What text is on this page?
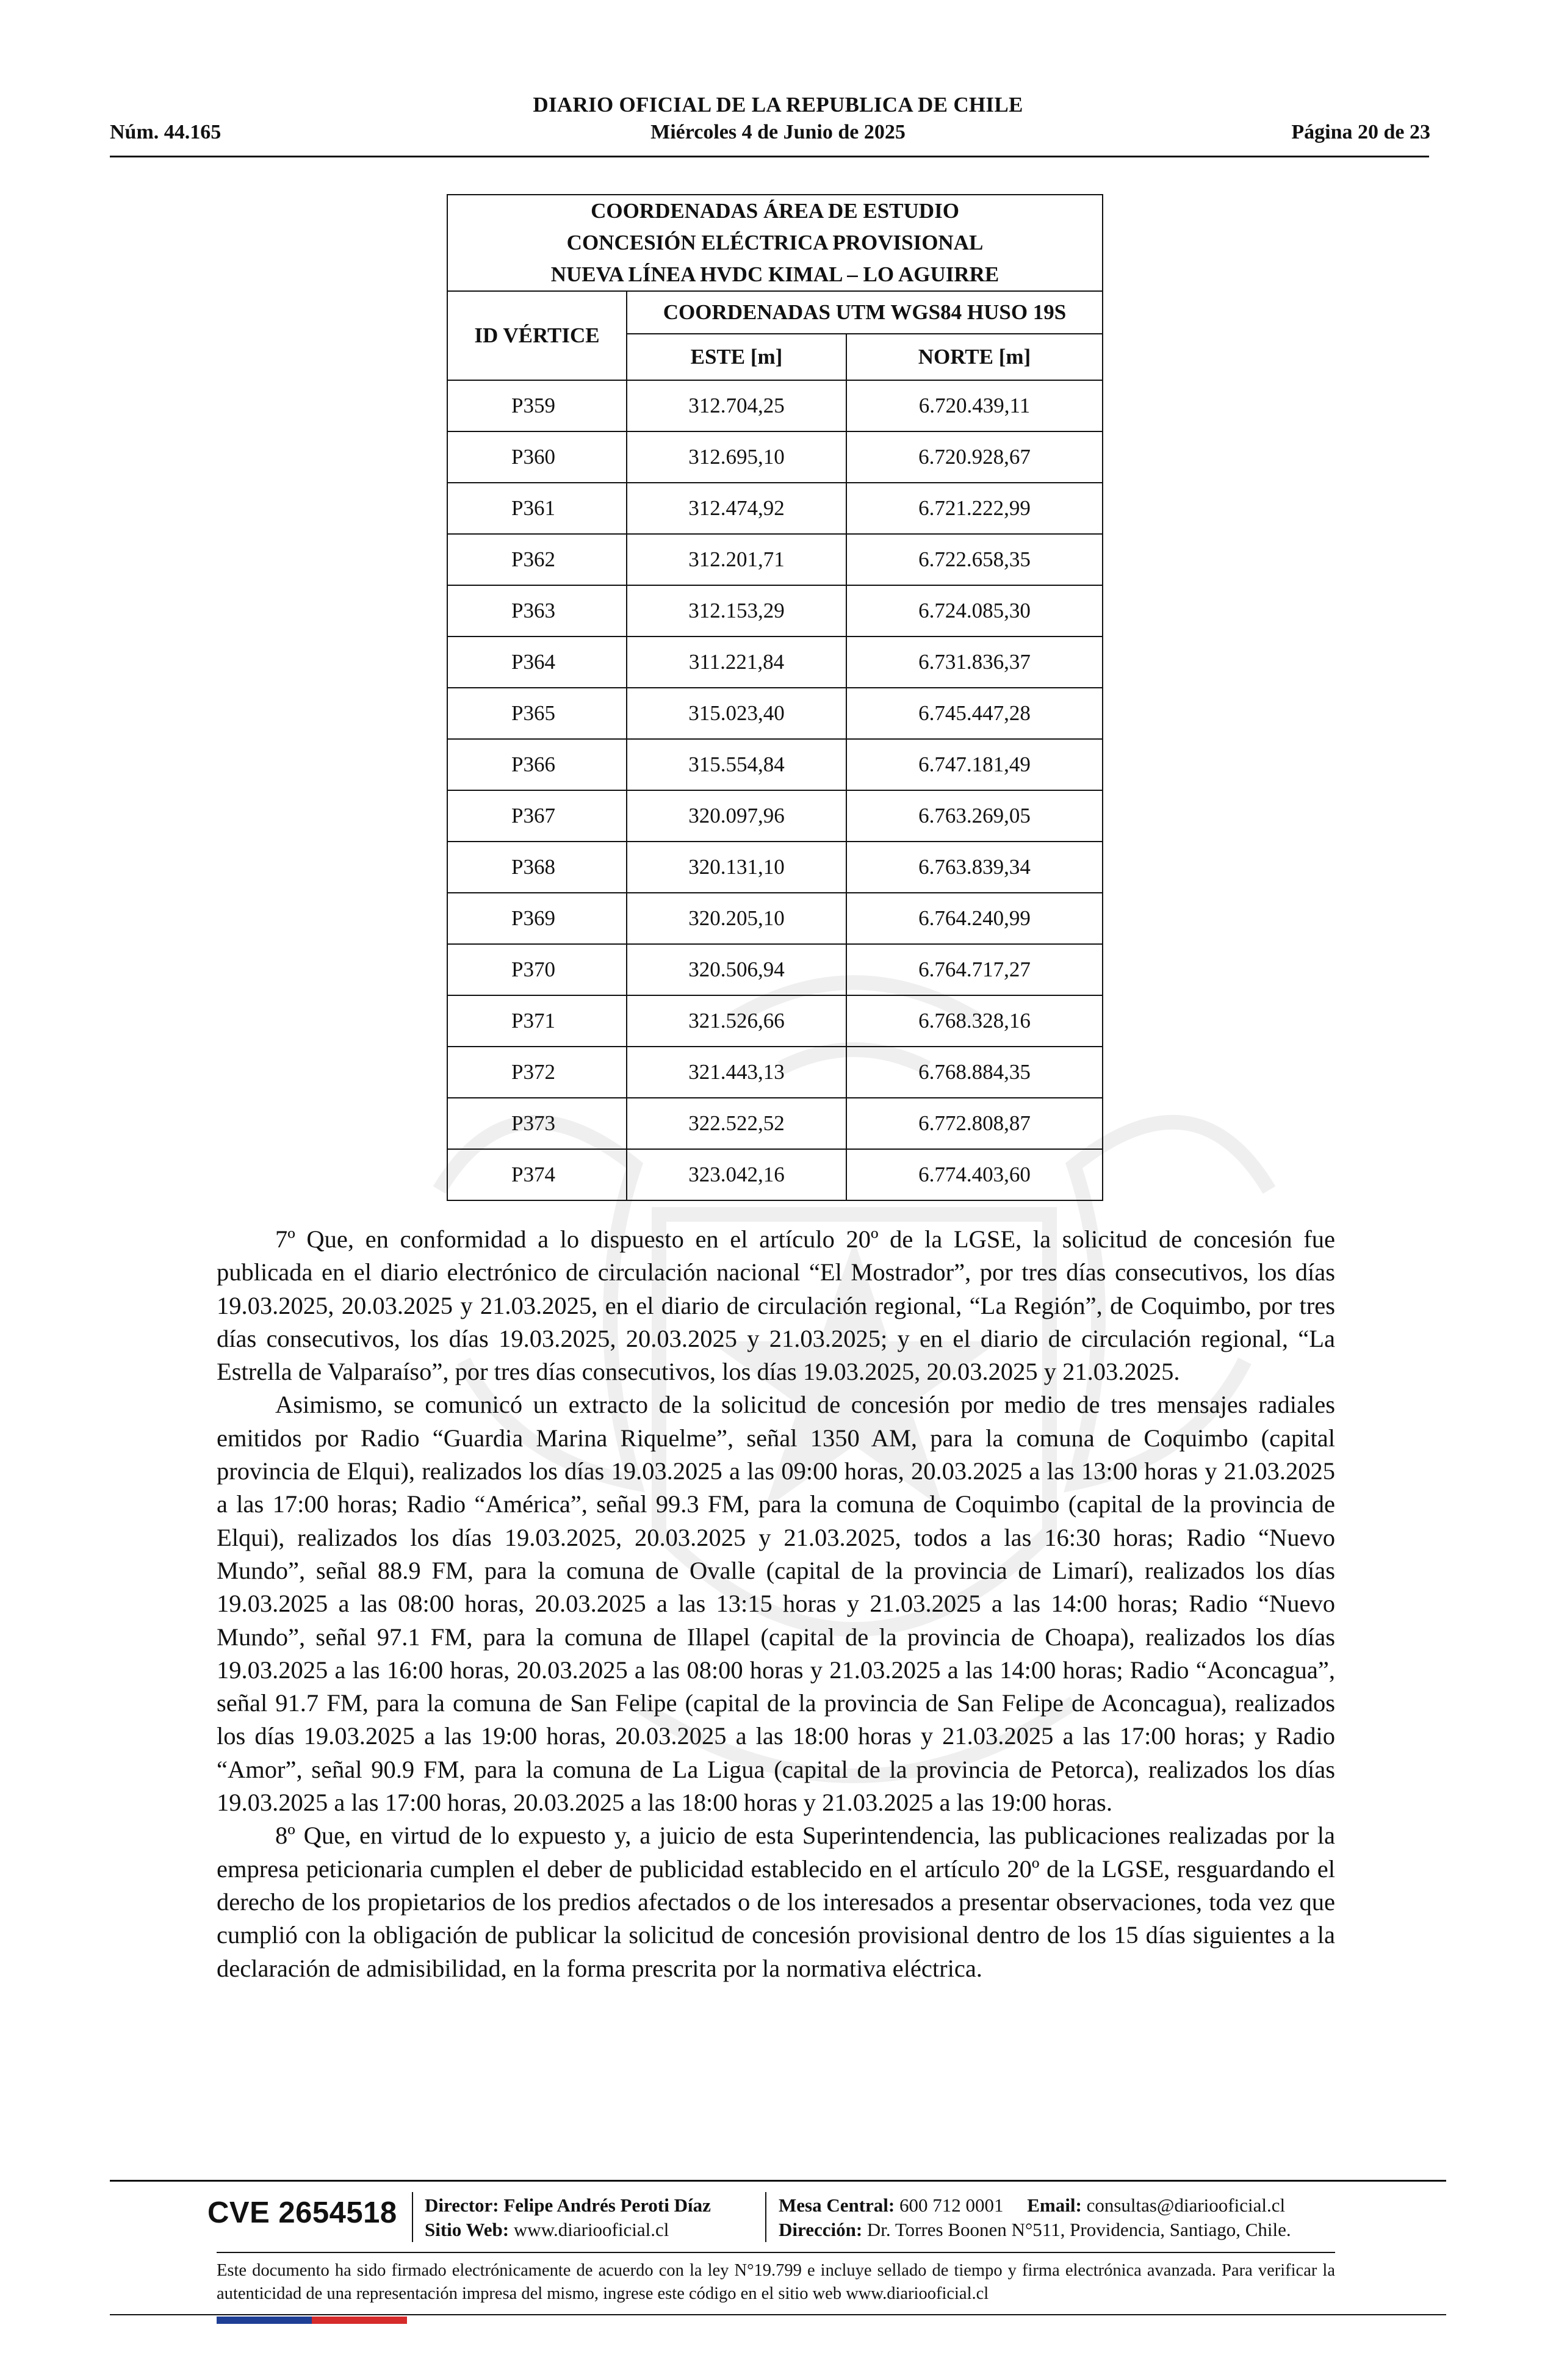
DIARIO OFICIAL DE LA REPUBLICA DE CHILE
Núm. 44.165	Miércoles 4 de Junio de 2025	Página 20 de 23
COORDENADAS ÁREA DE ESTUDIO
CONCESIÓN ELÉCTRICA PROVISIONAL
NUEVA LÍNEA HVDC KIMAL – LO AGUIRRE		

ID VÉRTICE	COORDENADAS UTM WGS84 HUSO 19S	
	ESTE [m]	NORTE [m]
P359	312.704,25	6.720.439,11
P360	312.695,10	6.720.928,67
P361	312.474,92	6.721.222,99
P362	312.201,71	6.722.658,35
P363	312.153,29	6.724.085,30
P364	311.221,84	6.731.836,37
P365	315.023,40	6.745.447,28
P366	315.554,84	6.747.181,49
P367	320.097,96	6.763.269,05
P368	320.131,10	6.763.839,34
P369	320.205,10	6.764.240,99
P370	320.506,94	6.764.717,27
P371	321.526,66	6.768.328,16
P372	321.443,13	6.768.884,35
P373	322.522,52	6.772.808,87
P374	323.042,16	6.774.403,60

7º Que, en conformidad a lo dispuesto en el artículo 20º de la LGSE, la solicitud de concesión fue publicada en el diario electrónico de circulación nacional “El Mostrador”, por tres días consecutivos, los días 19.03.2025, 20.03.2025 y 21.03.2025, en el diario de circulación regional, “La Región”, de Coquimbo, por tres días consecutivos, los días 19.03.2025, 20.03.2025 y 21.03.2025; y en el diario de circulación regional, “La Estrella de Valparaíso”, por tres días consecutivos, los días 19.03.2025, 20.03.2025 y 21.03.2025.

Asimismo, se comunicó un extracto de la solicitud de concesión por medio de tres mensajes radiales emitidos por Radio “Guardia Marina Riquelme”, señal 1350 AM, para la comuna de Coquimbo (capital provincia de Elqui), realizados los días 19.03.2025 a las 09:00 horas, 20.03.2025 a las 13:00 horas y 21.03.2025 a las 17:00 horas; Radio “América”, señal 99.3 FM, para la comuna de Coquimbo (capital de la provincia de Elqui), realizados los días 19.03.2025, 20.03.2025 y 21.03.2025, todos a las 16:30 horas; Radio “Nuevo Mundo”, señal 88.9 FM, para la comuna de Ovalle (capital de la provincia de Limarí), realizados los días 19.03.2025 a las 08:00 horas, 20.03.2025 a las 13:15 horas y 21.03.2025 a las 14:00 horas; Radio “Nuevo Mundo”, señal 97.1 FM, para la comuna de Illapel (capital de la provincia de Choapa), realizados los días 19.03.2025 a las 16:00 horas, 20.03.2025 a las 08:00 horas y 21.03.2025 a las 14:00 horas; Radio “Aconcagua”, señal 91.7 FM, para la comuna de San Felipe (capital de la provincia de San Felipe de Aconcagua), realizados los días 19.03.2025 a las 19:00 horas, 20.03.2025 a las 18:00 horas y 21.03.2025 a las 17:00 horas; y Radio “Amor”, señal 90.9 FM, para la comuna de La Ligua (capital de la provincia de Petorca), realizados los días 19.03.2025 a las 17:00 horas, 20.03.2025 a las 18:00 horas y 21.03.2025 a las 19:00 horas.

8º Que, en virtud de lo expuesto y, a juicio de esta Superintendencia, las publicaciones realizadas por la empresa peticionaria cumplen el deber de publicidad establecido en el artículo 20º de la LGSE, resguardando el derecho de los propietarios de los predios afectados o de los interesados a presentar observaciones, toda vez que cumplió con la obligación de publicar la solicitud de concesión provisional dentro de los 15 días siguientes a la declaración de admisibilidad, en la forma prescrita por la normativa eléctrica.

CVE 2654518 Director: Felipe Andrés Peroti Díaz
Sitio Web: www.diariooficial.cl
Mesa Central: 600 712 0001 Email: consultas@diariooficial.cl
Dirección: Dr. Torres Boonen N°511, Providencia, Santiago, Chile.
Este documento ha sido firmado electrónicamente de acuerdo con la ley N°19.799 e incluye sellado de tiempo y firma electrónica avanzada. Para verificar la autenticidad de una representación impresa del mismo, ingrese este código en el sitio web www.diariooficial.cl
